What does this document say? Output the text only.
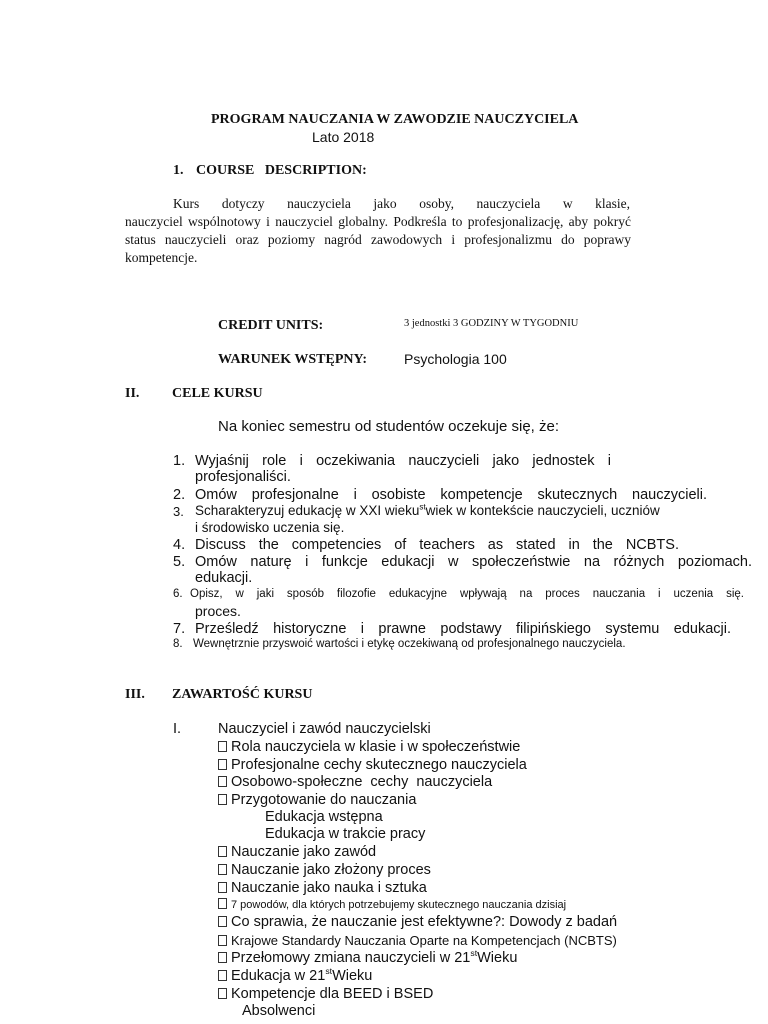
PROGRAM NAUCZANIA W ZAWODZIE NAUCZYCIELA
Lato 2018
1. COURSE   DESCRIPTION:
Kurs dotyczy nauczyciela jako osoby, nauczyciela w klasie,
nauczyciel wspólnotowy i nauczyciel globalny. Podkreśla to profesjonalizację, aby pokryć
status nauczycieli oraz poziomy nagród zawodowych i profesjonalizmu do poprawy
kompetencje.
CREDIT UNITS:	3 jednostki 3 GODZINY W TYGODNIU
WARUNEK WSTĘPNY:	Psychologia 100
II. CELE KURSU
Na koniec semestru od studentów oczekuje się, że:
1. Wyjaśnij role i oczekiwania nauczycieli jako jednostek i
profesjonaliści.
2. Omów profesjonalne i osobiste kompetencje skutecznych nauczycieli.
3. Scharakteryzuj edukację w XXI wieku$^{st}$wiek w kontekście nauczycieli, uczniów
i środowisko uczenia się.
4. Discuss the competencies of teachers as stated in the NCBTS.
5. Omów naturę i funkcje edukacji w społeczeństwie na różnych poziomach.
edukacji.
6. Opisz, w jaki sposób filozofie edukacyjne wpływają na proces nauczania i uczenia się.
proces.
7. Prześledź historyczne i prawne podstawy filipińskiego systemu edukacji.
8. Wewnętrznie przyswoić wartości i etykę oczekiwaną od profesjonalnego nauczyciela.
III. ZAWARTOŚĆ KURSU
I.	Nauczyciel i zawód nauczycielski
Rola nauczyciela w klasie i w społeczeństwie
Profesjonalne cechy skutecznego nauczyciela
Osobowo-społeczne  cechy  nauczyciela
Przygotowanie do nauczania
Edukacja wstępna
Edukacja w trakcie pracy
Nauczanie jako zawód
Nauczanie jako złożony proces
Nauczanie jako nauka i sztuka
7 powodów, dla których potrzebujemy skutecznego nauczania dzisiaj
Co sprawia, że nauczanie jest efektywne?: Dowody z badań
Krajowe Standardy Nauczania Oparte na Kompetencjach (NCBTS)
Przełomowy zmiana nauczycieli w 21stWieku
Edukacja w 21stWieku
Kompetencje dla BEED i BSED
Absolwenci
